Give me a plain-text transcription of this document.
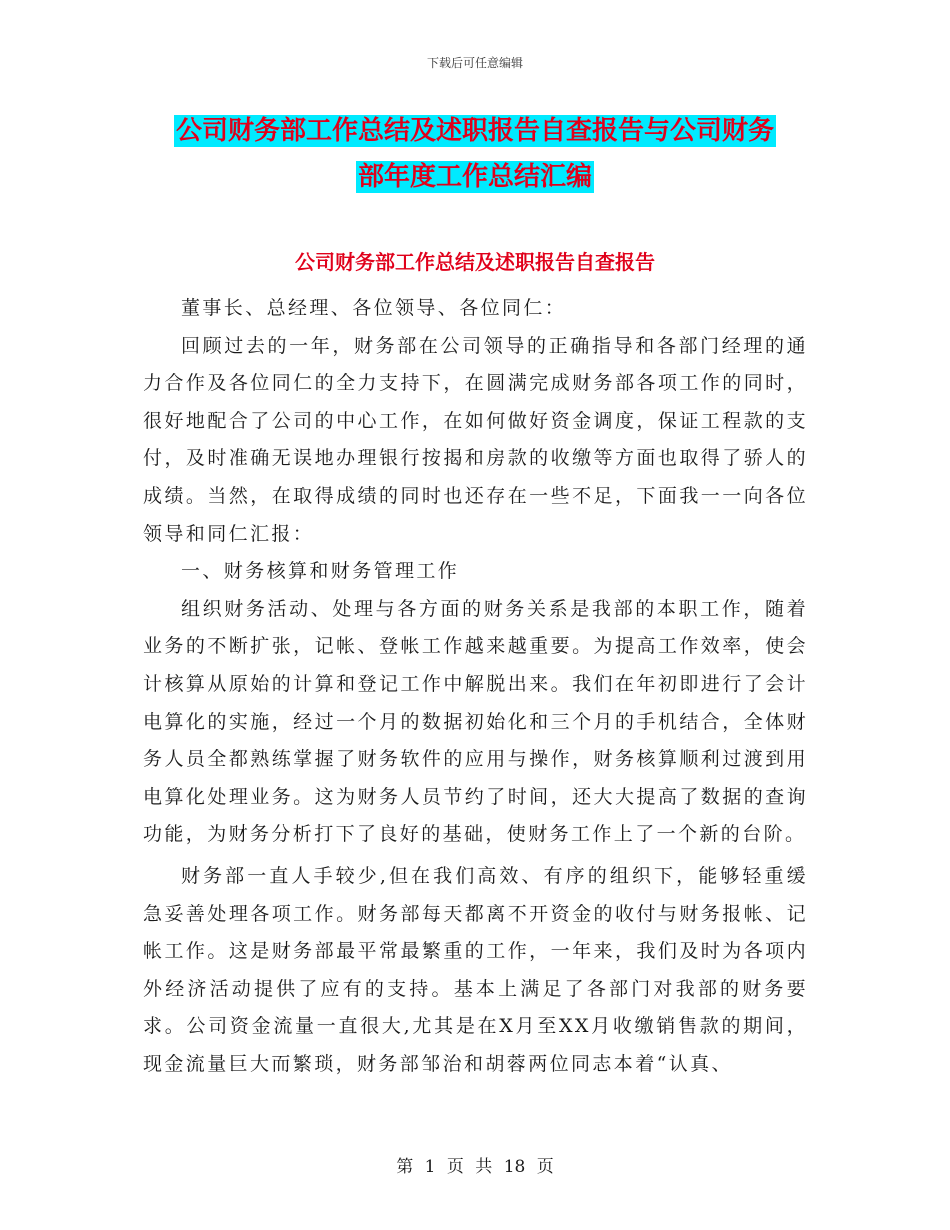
下载后可任意编辑
公司财务部工作总结及述职报告自查报告与公司财务
部年度工作总结汇编
公司财务部工作总结及述职报告自查报告

董事长、总经理、各位领导、各位同仁：

回顾过去的一年，财务部在公司领导的正确指导和各部门经理的通力合作及各位同仁的全力支持下，在圆满完成财务部各项工作的同时，很好地配合了公司的中心工作，在如何做好资金调度，保证工程款的支付，及时准确无误地办理银行按揭和房款的收缴等方面也取得了骄人的成绩。当然，在取得成绩的同时也还存在一些不足，下面我一一向各位领导和同仁汇报：

一、财务核算和财务管理工作

组织财务活动、处理与各方面的财务关系是我部的本职工作，随着业务的不断扩张，记帐、登帐工作越来越重要。为提高工作效率，使会计核算从原始的计算和登记工作中解脱出来。我们在年初即进行了会计电算化的实施，经过一个月的数据初始化和三个月的手机结合，全体财务人员全都熟练掌握了财务软件的应用与操作，财务核算顺利过渡到用电算化处理业务。这为财务人员节约了时间，还大大提高了数据的查询功能，为财务分析打下了良好的基础，使财务工作上了一个新的台阶。

财务部一直人手较少,但在我们高效、有序的组织下，能够轻重缓急妥善处理各项工作。财务部每天都离不开资金的收付与财务报帐、记帐工作。这是财务部最平常最繁重的工作，一年来，我们及时为各项内外经济活动提供了应有的支持。基本上满足了各部门对我部的财务要求。公司资金流量一直很大,尤其是在X月至XX月收缴销售款的期间，现金流量巨大而繁琐，财务部邹治和胡蓉两位同志本着“认真、

第 1 页 共 18 页
